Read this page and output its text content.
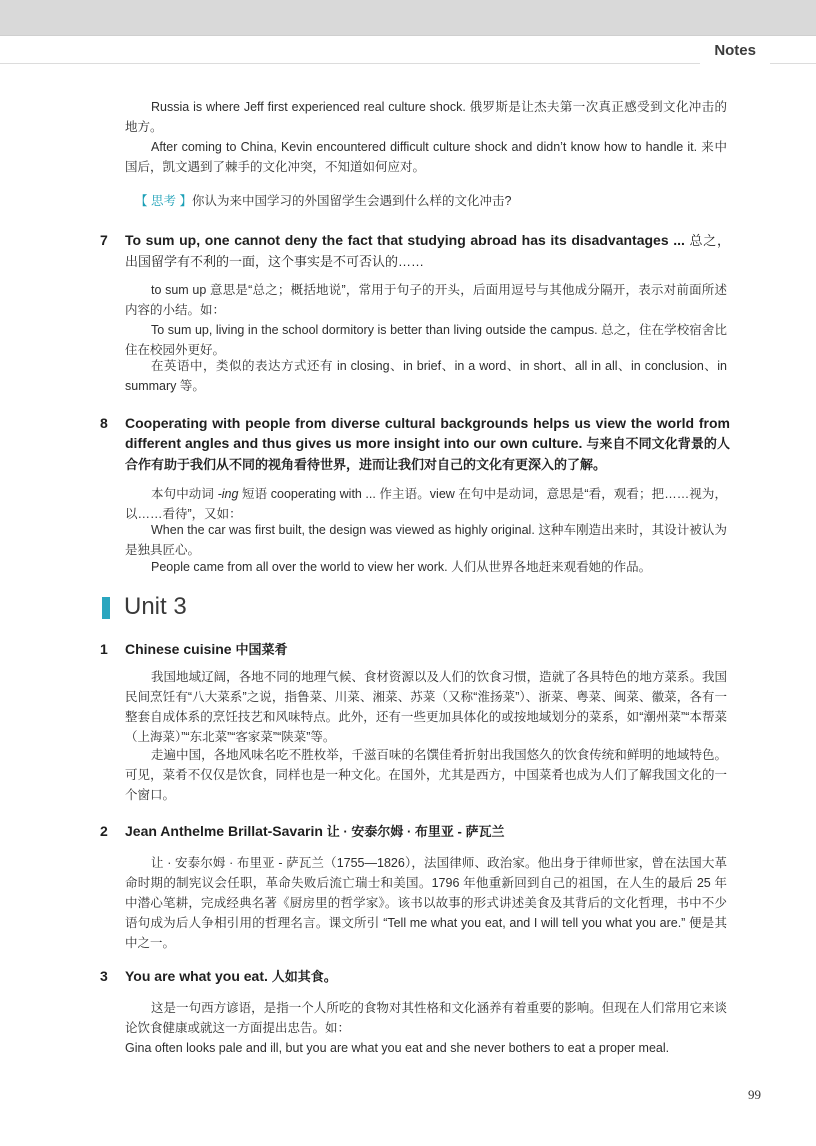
Notes

Russia is where Jeff first experienced real culture shock. 俄罗斯是让杰夫第一次真正感受到文化冲击的地方。

After coming to China, Kevin encountered difficult culture shock and didn’t know how to handle it. 来中国后，凯文遇到了棘手的文化冲突，不知道如何应对。

【 思考 】你认为来中国学习的外国留学生会遇到什么样的文化冲击?
7 To sum up, one cannot deny the fact that studying abroad has its disadvantages ... 总之，出国留学有不利的一面，这个事实是不可否认的……

to sum up 意思是“总之；概括地说”，常用于句子的开头，后面用逗号与其他成分隔开，表示对前面所述内容的小结。如：

To sum up, living in the school dormitory is better than living outside the campus. 总之，住在学校宿舍比住在校园外更好。

在英语中，类似的表达方式还有 in closing、in brief、in a word、in short、all in all、in conclusion、in summary 等。

8 Cooperating with people from diverse cultural backgrounds helps us view the world from different angles and thus gives us more insight into our own culture. 与来自不同文化背景的人合作有助于我们从不同的视角看待世界，进而让我们对自己的文化有更深入的了解。

本句中动词 -ing 短语 cooperating with ... 作主语。view 在句中是动词，意思是“看，观看；把……视为，以……看待”，又如：

When the car was first built, the design was viewed as highly original. 这种车刚造出来时，其设计被认为是独具匠心。

People came from all over the world to view her work. 人们从世界各地赶来观看她的作品。

Unit 3
1 Chinese cuisine 中国菜肴

我国地域辽阔，各地不同的地理气候、食材资源以及人们的饮食习惯，造就了各具特色的地方菜系。我国民间烹饪有“八大菜系”之说，指鲁菜、川菜、湘菜、苏菜（又称“淮扬菜”）、浙菜、粤菜、闽菜、徽菜，各有一整套自成体系的烹饪技艺和风味特点。此外，还有一些更加具体化的或按地域划分的菜系，如“潮州菜”“本帮菜（上海菜）”“东北菜”“客家菜”“陕菜”等。

走遍中国，各地风味名吃不胜枚举，千滋百味的名馔佳肴折射出我国悠久的饮食传统和鲜明的地域特色。可见，菜肴不仅仅是饮食，同样也是一种文化。在国外，尤其是西方，中国菜肴也成为人们了解我国文化的一个窗口。

2 Jean Anthelme Brillat-Savarin 让 · 安泰尔姆 · 布里亚 - 萨瓦兰

让 · 安泰尔姆 · 布里亚 - 萨瓦兰（1755—1826），法国律师、政治家。他出身于律师世家，曾在法国大革命时期的制宪议会任职，革命失败后流亡瑞士和美国。1796 年他重新回到自己的祖国，在人生的最后 25 年中潜心笔耕，完成经典名著《厨房里的哲学家》。该书以故事的形式讲述美食及其背后的文化哲理，书中不少语句成为后人争相引用的哲理名言。课文所引 “Tell me what you eat, and I will tell you what you are.” 便是其中之一。

3 You are what you eat. 人如其食。

这是一句西方谚语，是指一个人所吃的食物对其性格和文化涵养有着重要的影响。但现在人们常用它来谈论饮食健康或就这一方面提出忠告。如：

Gina often looks pale and ill, but you are what you eat and she never bothers to eat a proper meal.

99
